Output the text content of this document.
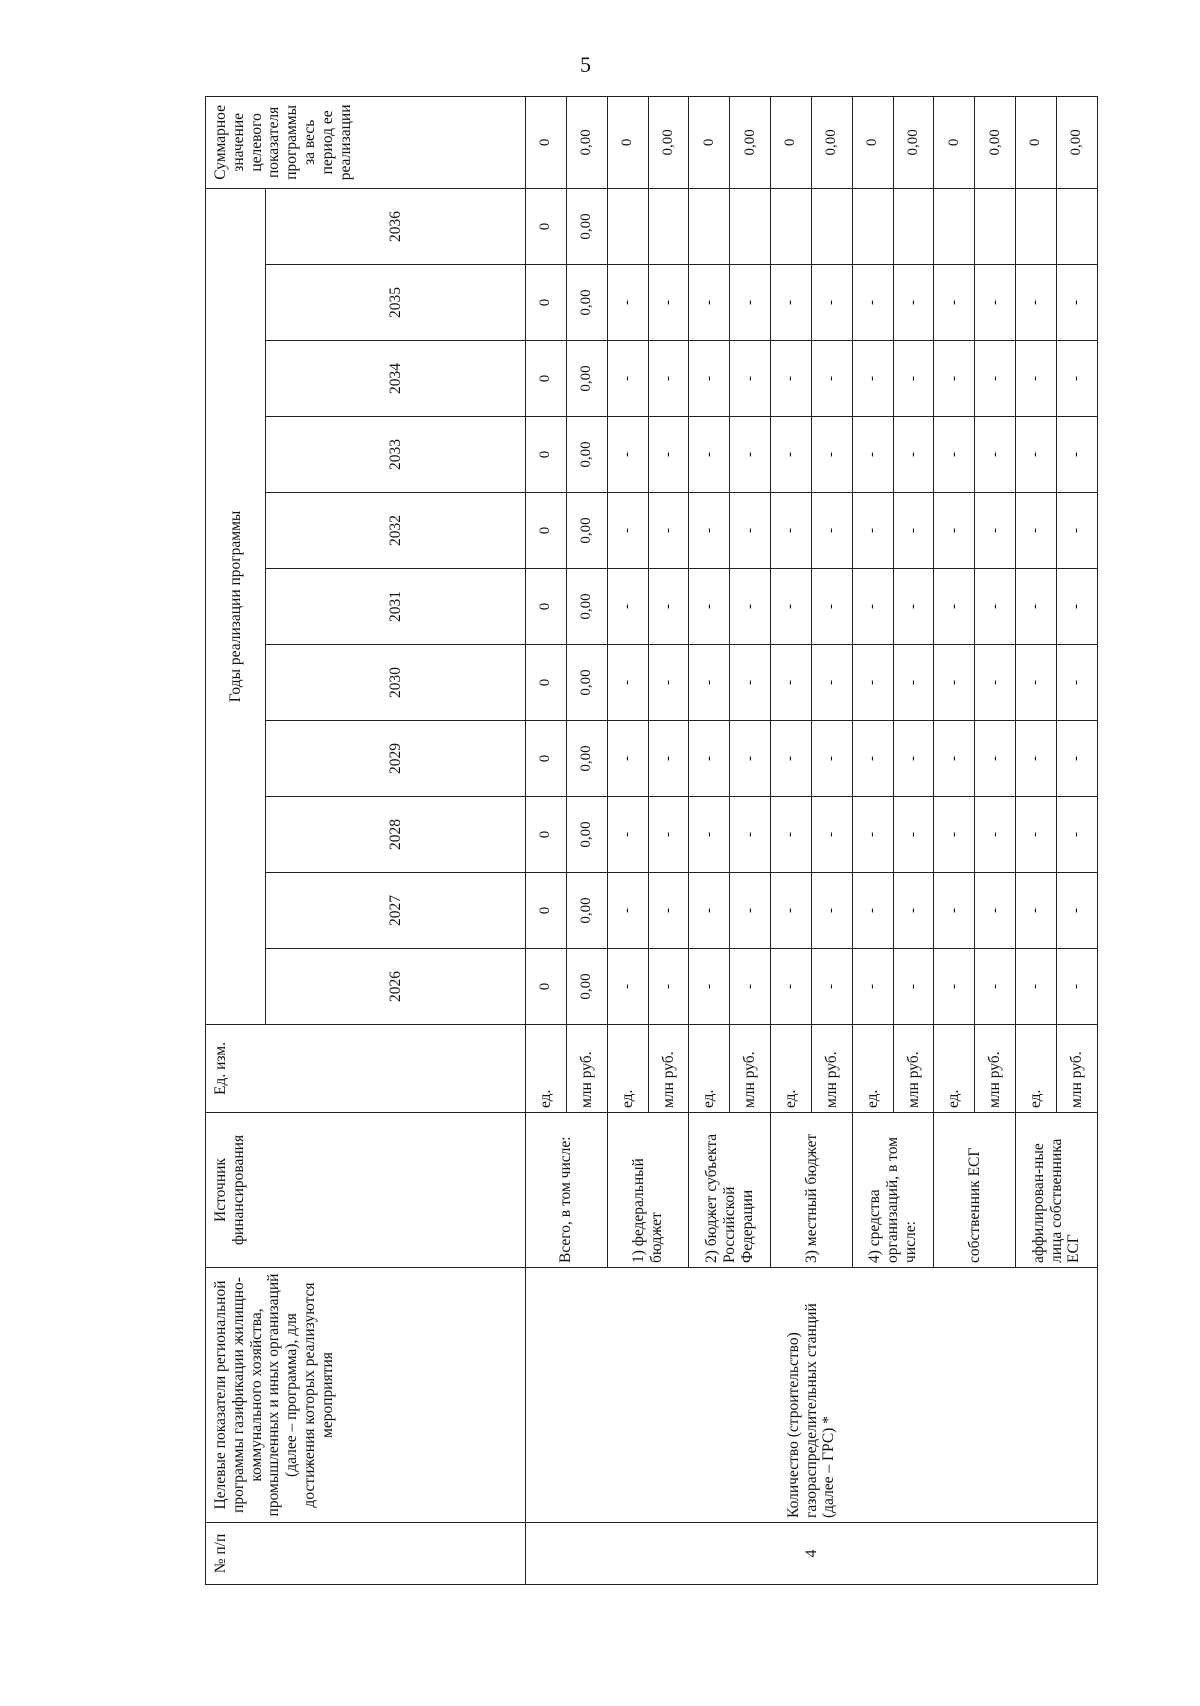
5
№ п/п	Целевые показатели региональной программы газификации жилищно-коммунального хозяйства, промышленных и иных организаций (далее – программа), для достижения которых реализуются мероприятия	Источник финансирования	Ед. изм.	Годы реализации программы											Суммарное значение целевого показателя программы за весь период ее реализации
				2026	2027	2028	2029	2030	2031	2032	2033	2034	2035	2036	
4	Количество (строительство) газораспределительных станций (далее – ГРС) *	Всего, в том числе:	ед.	0	0	0	0	0	0	0	0	0	0	0	0
			млн руб.	0,00	0,00	0,00	0,00	0,00	0,00	0,00	0,00	0,00	0,00	0,00	0,00
		1) федеральный бюджет	ед.	-	-	-	-	-	-	-	-	-	-		0
			млн руб.	-	-	-	-	-	-	-	-	-	-		0,00
		2) бюджет субъекта Российской Федерации	ед.	-	-	-	-	-	-	-	-	-	-		0
			млн руб.	-	-	-	-	-	-	-	-	-	-		0,00
		3) местный бюджет	ед.	-	-	-	-	-	-	-	-	-	-		0
			млн руб.	-	-	-	-	-	-	-	-	-	-		0,00
		4) средства организаций, в том числе:	ед.	-	-	-	-	-	-	-	-	-	-		0
			млн руб.	-	-	-	-	-	-	-	-	-	-		0,00
		собственник ЕСГ	ед.	-	-	-	-	-	-	-	-	-	-		0
			млн руб.	-	-	-	-	-	-	-	-	-	-		0,00
		аффилирован-ные лица собственника ЕСГ	ед.	-	-	-	-	-	-	-	-	-	-		0
			млн руб.	-	-	-	-	-	-	-	-	-	-		0,00
